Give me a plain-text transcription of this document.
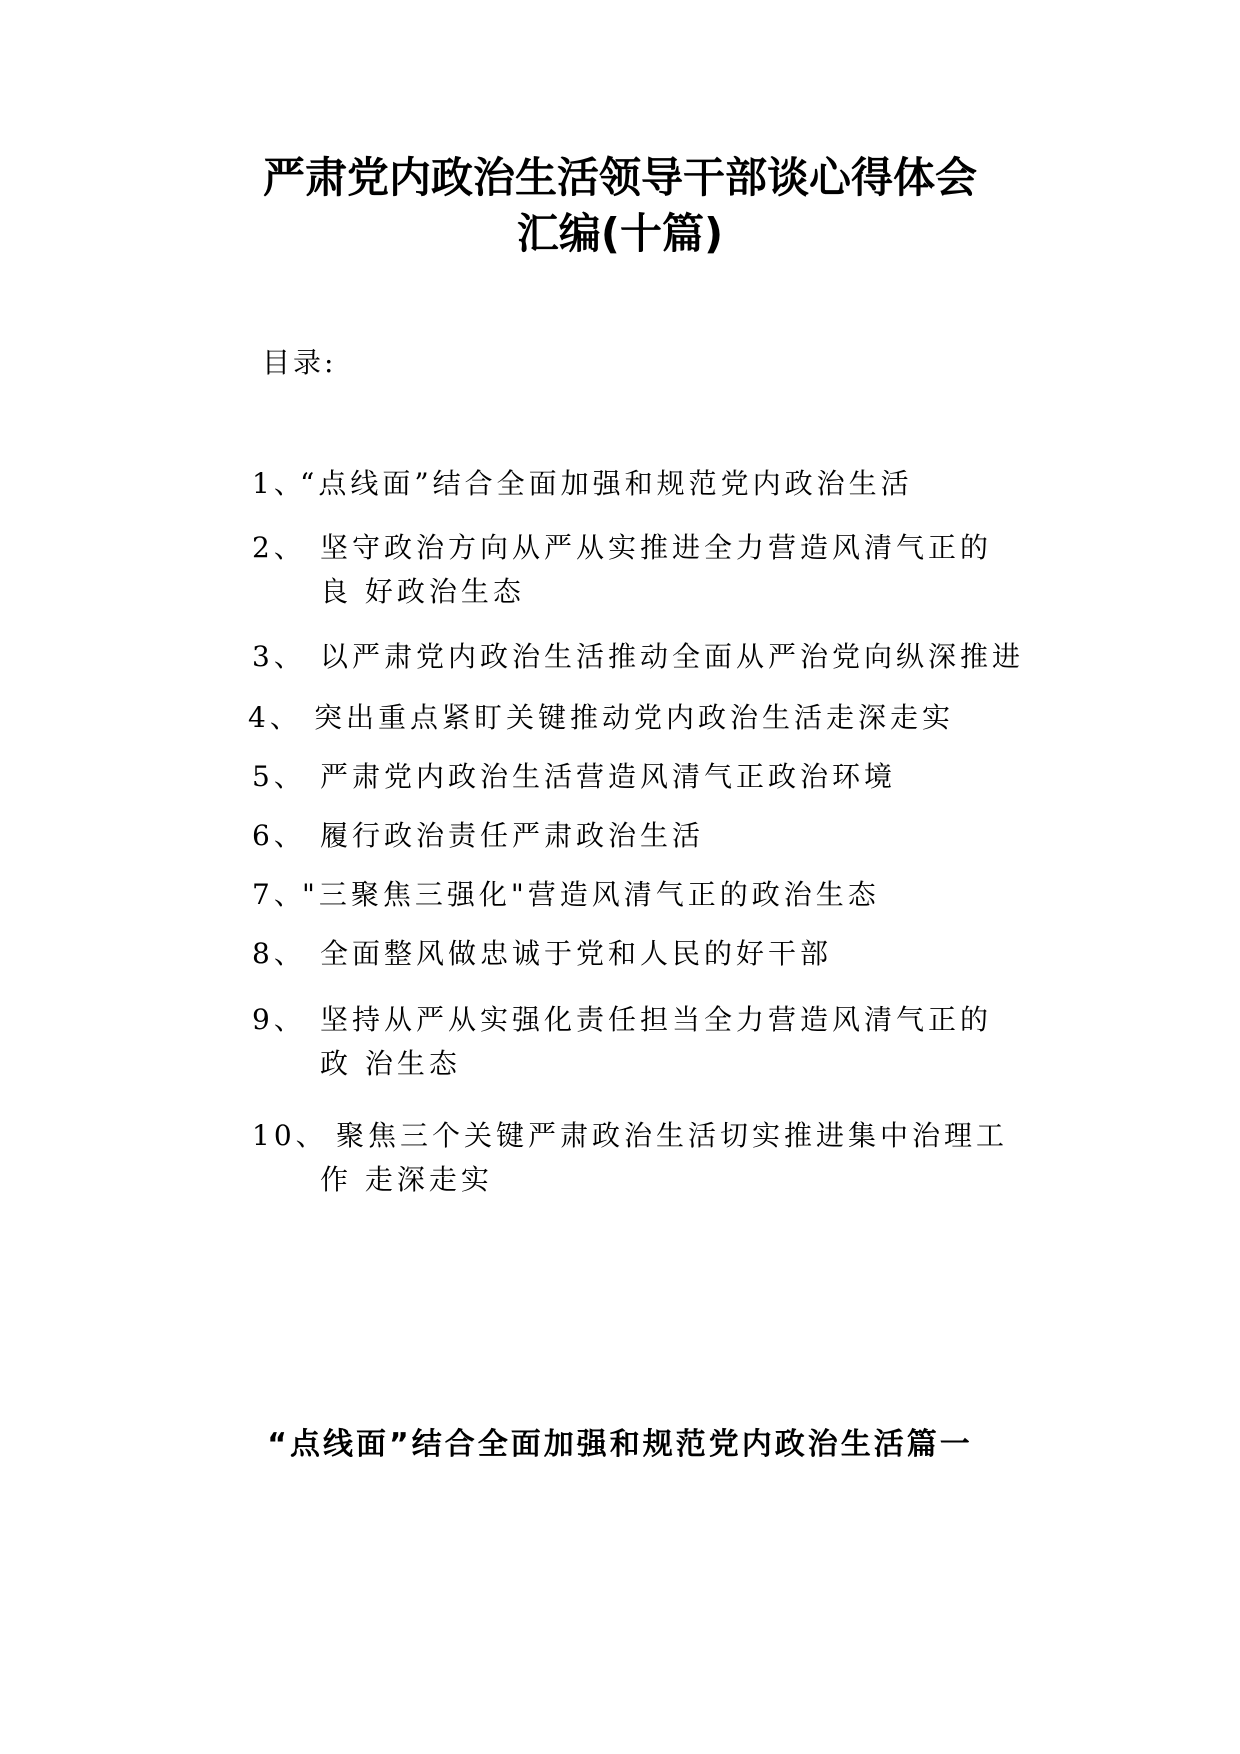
严肃党内政治生活领导干部谈心得体会
汇编(十篇)
目录:
1、
“点线面”结合全面加强和规范党内政治生活
2、 坚守政治方向从严从实推进全力营造风清气正的
良 好政治生态
3、 以严肃党内政治生活推动全面从严治党向纵深推进
4、 突出重点紧盯关键推动党内政治生活走深走实
5、 严肃党内政治生活营造风清气正政治环境
6、 履行政治责任严肃政治生活
7、
"三聚焦三强化"营造风清气正的政治生态
8、 全面整风做忠诚于党和人民的好干部
9、 坚持从严从实强化责任担当全力营造风清气正的
政 治生态
10、 聚焦三个关键严肃政治生活切实推进集中治理工
作 走深走实
“点线面”结合全面加强和规范党内政治生活篇一
